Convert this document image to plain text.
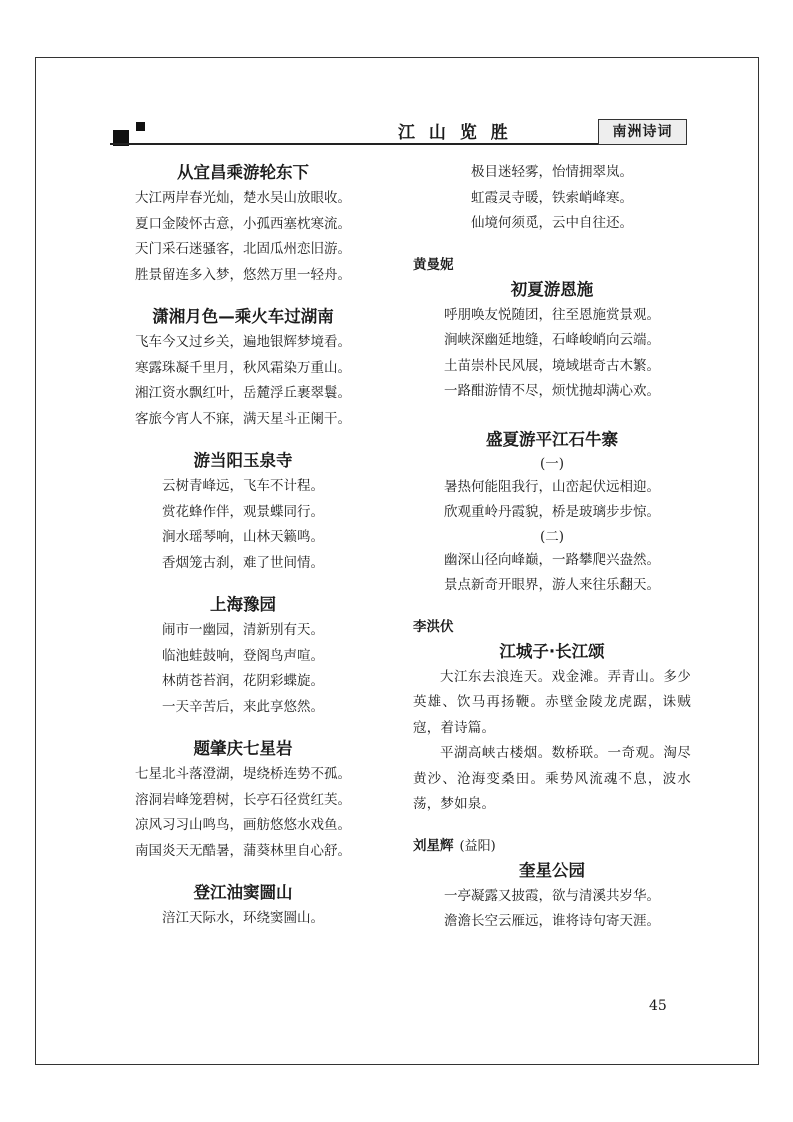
江 山 览 胜	南洲诗词
从宜昌乘游轮东下
大江两岸春光灿，楚水吴山放眼收。
夏口金陵怀古意，小孤西塞枕寒流。
天门采石迷骚客，北固瓜州恋旧游。
胜景留连多入梦，悠然万里一轻舟。
潇湘月色—乘火车过湖南
飞车今又过乡关，遍地银辉梦境看。
寒露珠凝千里月，秋风霜染万重山。
湘江资水飘红叶，岳麓浮丘裹翠鬟。
客旅今宵人不寐，满天星斗正阑干。
游当阳玉泉寺
云树青峰远，飞车不计程。
赏花蜂作伴，观景蝶同行。
涧水瑶琴响，山林天籁鸣。
香烟笼古刹，难了世间情。
上海豫园
闹市一幽园，清新别有天。
临池蛙鼓响，登阁鸟声喧。
林荫苍苔润，花阴彩蝶旋。
一天辛苦后，来此享悠然。
题肇庆七星岩
七星北斗落澄湖，堤绕桥连势不孤。
溶洞岩峰笼碧树，长亭石径赏红芙。
凉风习习山鸣鸟，画舫悠悠水戏鱼。
南国炎天无酷暑，蒲葵林里自心舒。
登江油窦圌山
涪江天际水，环绕窦圌山。
极目迷轻雾，怡情拥翠岚。
虹霞灵寺暖，铁索峭峰寒。
仙境何须觅，云中自往还。
黄曼妮
初夏游恩施
呼朋唤友悦随团，往至恩施赏景观。
涧峡深幽延地缝，石峰峻峭向云端。
土苗崇朴民风展，境域堪奇古木繁。
一路酣游情不尽，烦忧抛却满心欢。
盛夏游平江石牛寨
(一)
暑热何能阻我行，山峦起伏远相迎。
欣观重岭丹霞貌，桥是玻璃步步惊。
(二)
幽深山径向峰巅，一路攀爬兴盎然。
景点新奇开眼界，游人来往乐翻天。
李洪伏
江城子·长江颂

大江东去浪连天。戏金滩。弄青山。多少英雄、饮马再扬鞭。赤壁金陵龙虎踞，诛贼寇，着诗篇。

平湖高峡古楼烟。数桥联。一奇观。淘尽黄沙、沧海变桑田。乘势风流魂不息，波水荡，梦如泉。

刘星辉 (益阳)
奎星公园
一亭凝露又披霞，欲与清溪共岁华。
澹澹长空云雁远，谁将诗句寄天涯。
45
